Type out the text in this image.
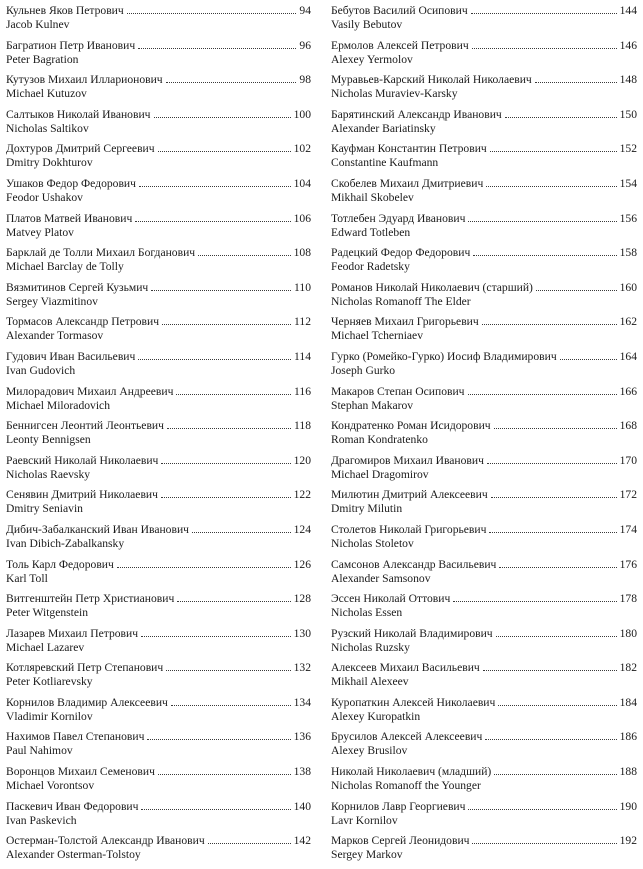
Кульнев Яков Петрович	94
Jacob Kulnev
Багратион Петр Иванович	96
Peter Bagration
Кутузов Михаил Илларионович	98
Michael Kutuzov
Салтыков Николай Иванович	100
Nicholas Saltikov
Дохтуров Дмитрий Сергеевич	102
Dmitry Dokhturov
Ушаков Федор Федорович	104
Feodor Ushakov
Платов Матвей Иванович	106
Matvey Platov
Барклай де Толли Михаил Богданович	108
Michael Barclay de Tolly
Вязмитинов Сергей Кузьмич	110
Sergey Viazmitinov
Тормасов Александр Петрович	112
Alexander Tormasov
Гудович Иван Васильевич	114
Ivan Gudovich
Милорадович Михаил Андреевич	116
Michael Miloradovich
Беннигсен Леонтий Леонтьевич	118
Leonty Bennigsen
Раевский Николай Николаевич	120
Nicholas Raevsky
Сенявин Дмитрий Николаевич	122
Dmitry Seniavin
Дибич-Забалканский Иван Иванович	124
Ivan Dibich-Zabalkansky
Толь Карл Федорович	126
Karl Toll
Витгенштейн Петр Христианович	128
Peter Witgenstein
Лазарев Михаил Петрович	130
Michael Lazarev
Котляревский Петр Степанович	132
Peter Kotliarevsky
Корнилов Владимир Алексеевич	134
Vladimir Kornilov
Нахимов Павел Степанович	136
Paul Nahimov
Воронцов Михаил Семенович	138
Michael Vorontsov
Паскевич Иван Федорович	140
Ivan Paskevich
Остерман-Толстой Александр Иванович	142
Alexander Osterman-Tolstoy
Бебутов Василий Осипович	144
Vasily Bebutov
Ермолов Алексей Петрович	146
Alexey Yermolov
Муравьев-Карский Николай Николаевич	148
Nicholas Muraviev-Karsky
Барятинский Александр Иванович	150
Alexander Bariatinsky
Кауфман Константин Петрович	152
Constantine Kaufmann
Скобелев Михаил Дмитриевич	154
Mikhail Skobelev
Тотлебен Эдуард Иванович	156
Edward Totleben
Радецкий Федор Федорович	158
Feodor Radetsky
Романов Николай Николаевич (старший)	160
Nicholas Romanoff The Elder
Черняев Михаил Григорьевич	162
Michael Tcherniaev
Гурко (Ромейко-Гурко) Иосиф Владимирович	164
Joseph Gurko
Макаров Степан Осипович	166
Stephan Makarov
Кондратенко Роман Исидорович	168
Roman Kondratenko
Драгомиров Михаил Иванович	170
Michael Dragomirov
Милютин Дмитрий Алексеевич	172
Dmitry Milutin
Столетов Николай Григорьевич	174
Nicholas Stoletov
Самсонов Александр Васильевич	176
Alexander Samsonov
Эссен Николай Оттович	178
Nicholas Essen
Рузский Николай Владимирович	180
Nicholas Ruzsky
Алексеев Михаил Васильевич	182
Mikhail Alexeev
Куропаткин Алексей Николаевич	184
Alexey Kuropatkin
Брусилов Алексей Алексеевич	186
Alexey Brusilov
Николай Николаевич (младший)	188
Nicholas Romanoff the Younger
Корнилов Лавр Георгиевич	190
Lavr Kornilov
Марков Сергей Леонидович	192
Sergey Markov
